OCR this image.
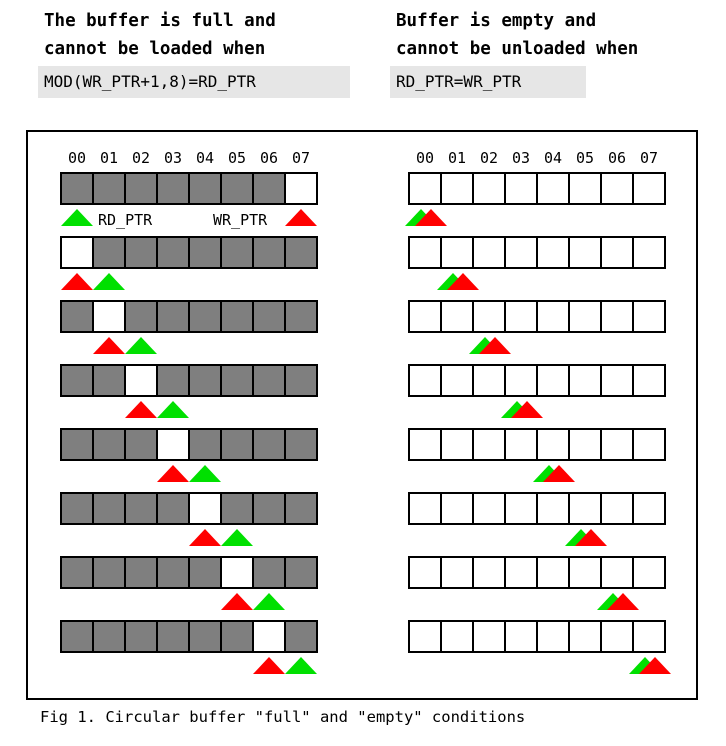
The buffer is full and
cannot be loaded when
MOD(WR_PTR+1,8)=RD_PTR
Buffer is empty and
cannot be unloaded when
RD_PTR=WR_PTR
00 01 02 03 04 05 06 07	00 01 02 03 04 05 06 07
RD_PTR	WR_PTR
Fig 1. Circular buffer "full" and "empty" conditions
